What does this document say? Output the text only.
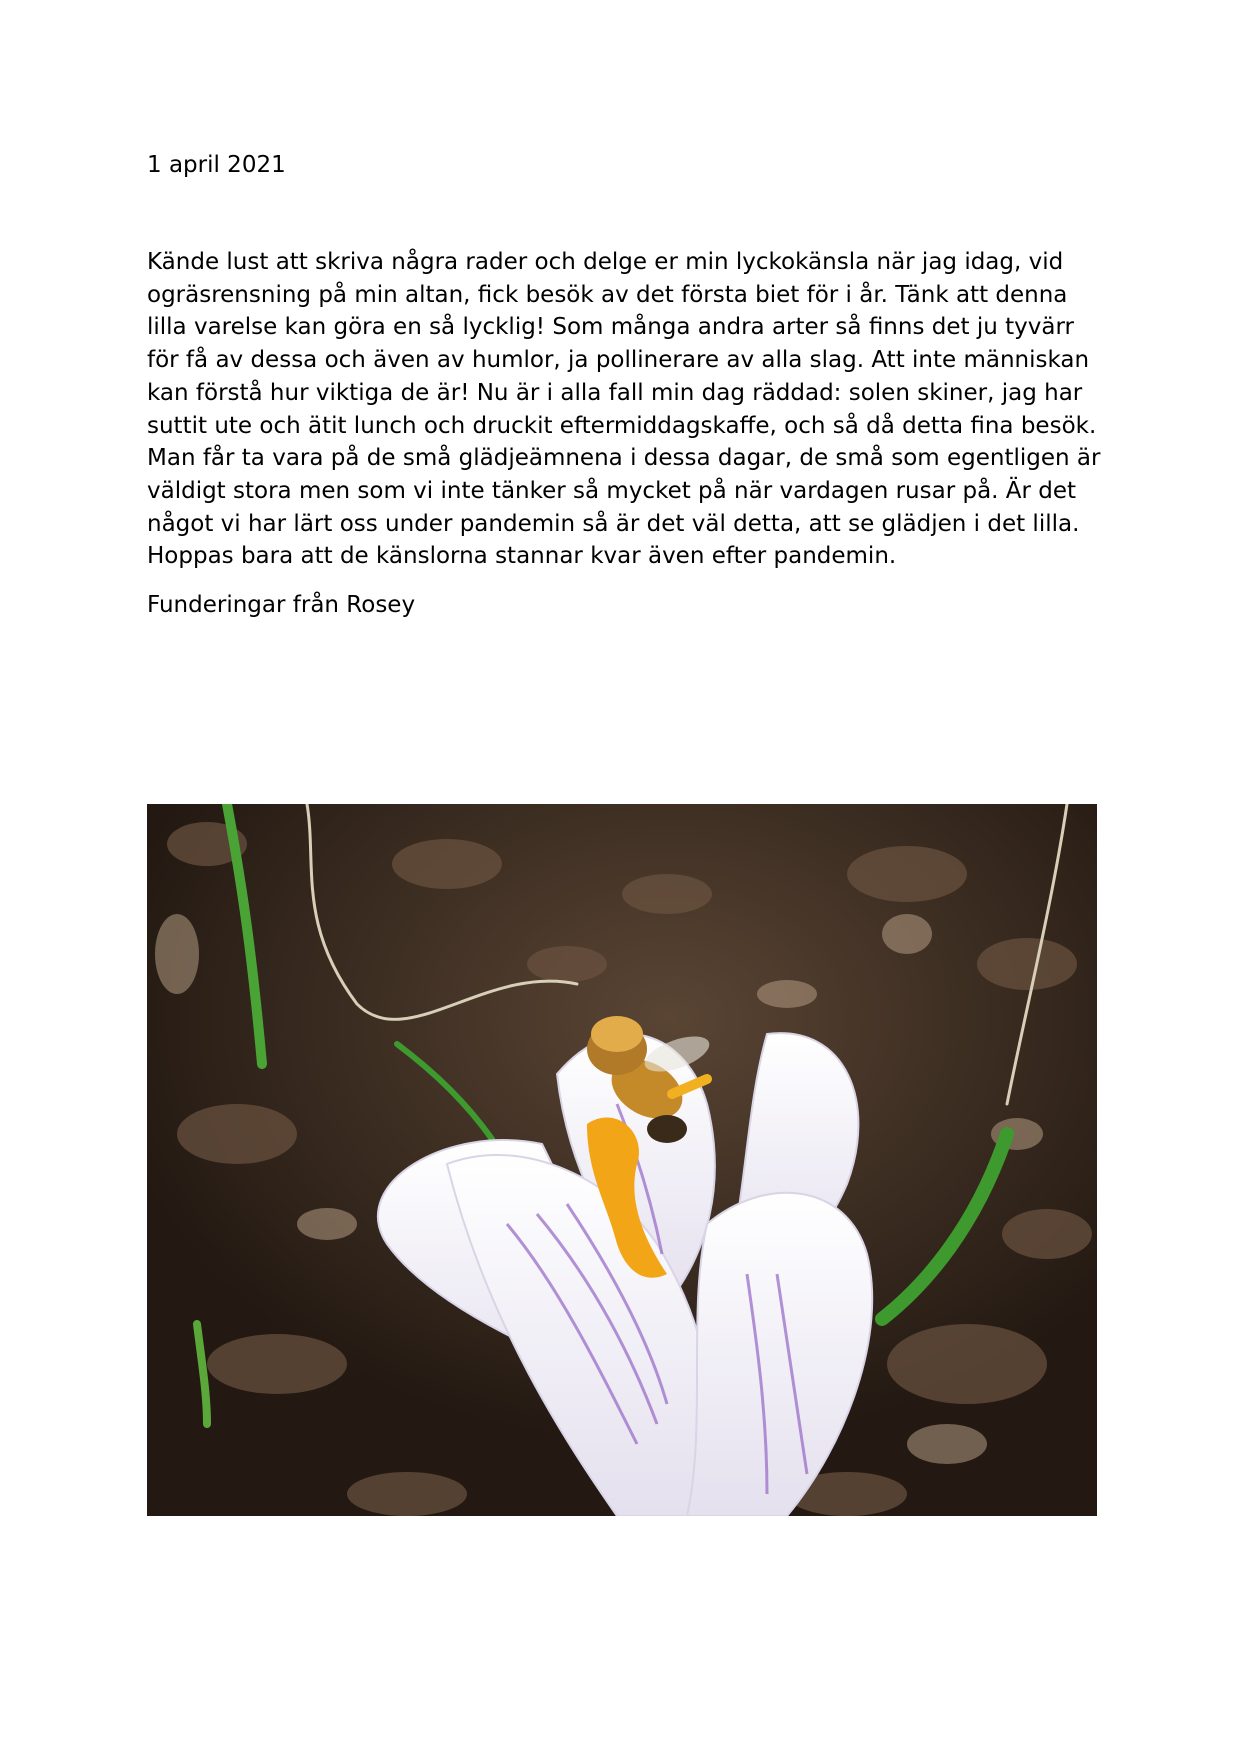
1 april 2021

Kände lust att skriva några rader och delge er min lyckokänsla när jag idag, vid ogräsrensning på min altan, fick besök av det första biet för i år. Tänk att denna lilla varelse kan göra en så lycklig! Som många andra arter så finns det ju tyvärr för få av dessa och även av humlor, ja pollinerare av alla slag. Att inte människan kan förstå hur viktiga de är! Nu är i alla fall min dag räddad: solen skiner, jag har suttit ute och ätit lunch och druckit eftermiddagskaffe, och så då detta fina besök.

Man får ta vara på de små glädjeämnena i dessa dagar, de små som egentligen är väldigt stora men som vi inte tänker så mycket på när vardagen rusar på. Är det något vi har lärt oss under pandemin så är det väl detta, att se glädjen i det lilla. Hoppas bara att de känslorna stannar kvar även efter pandemin.

Funderingar från Rosey
